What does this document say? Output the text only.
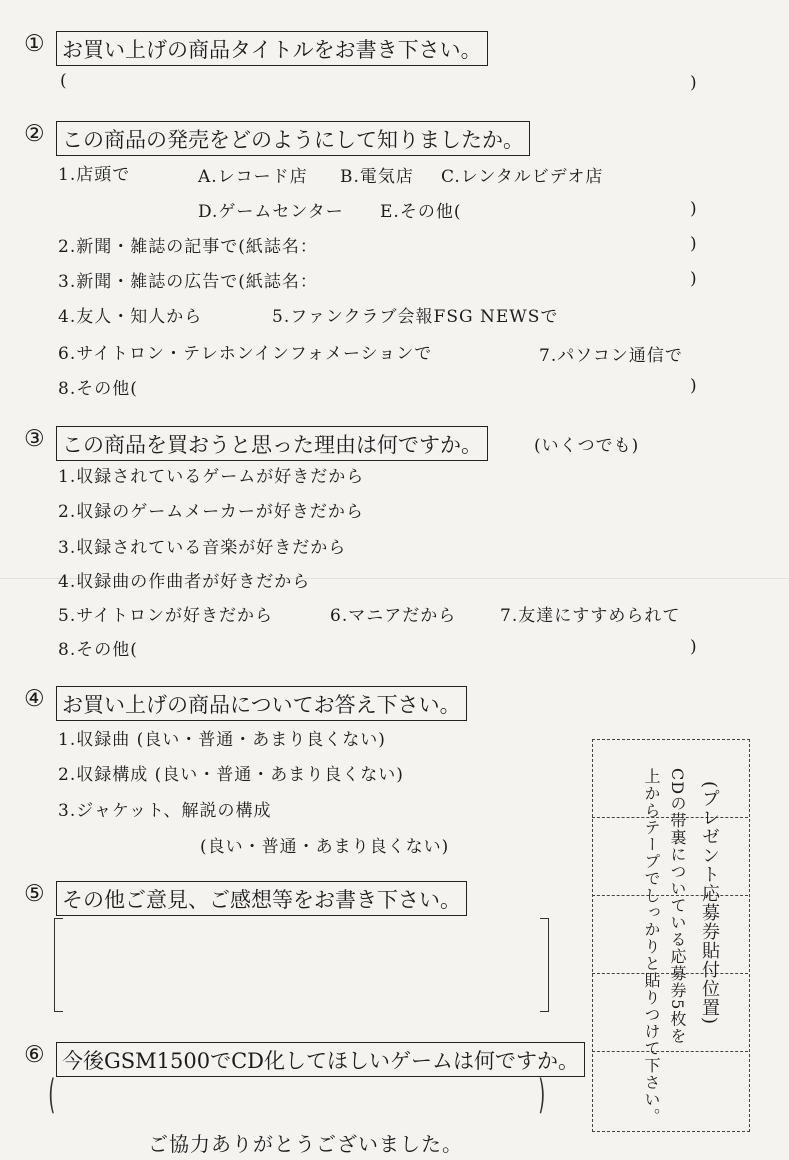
① お買い上げの商品タイトルをお書き下さい。
(	)
② この商品の発売をどのようにして知りましたか。
1.店頭で	A.レコード店 B.電気店 C.レンタルビデオ店
D.ゲームセンター E.その他(	)
2.新聞・雑誌の記事で(紙誌名：	)
3.新聞・雑誌の広告で(紙誌名：	)
4.友人・知人から	5.ファンクラブ会報FSG NEWSで
6.サイトロン・テレホンインフォメーションで	7.パソコン通信で
8.その他(	)
③ この商品を買おうと思った理由は何ですか。	(いくつでも)
1.収録されているゲームが好きだから
2.収録のゲームメーカーが好きだから
3.収録されている音楽が好きだから
4.収録曲の作曲者が好きだから
5.サイトロンが好きだから	6.マニアだから	7.友達にすすめられて
8.その他(	)
④ お買い上げの商品についてお答え下さい。
1.収録曲 (良い・普通・あまり良くない)
2.収録構成 (良い・普通・あまり良くない)
3.ジャケット、解説の構成
(良い・普通・あまり良くない)
⑤ その他ご意見、ご感想等をお書き下さい。
⑥ 今後GSM1500でCD化してほしいゲームは何ですか。
(	)
ご協力ありがとうございました。
(プレゼント応募券貼付位置)
CDの帯裏についている応募券5枚を
上からテープでしっかりと貼りつけて下さい。
